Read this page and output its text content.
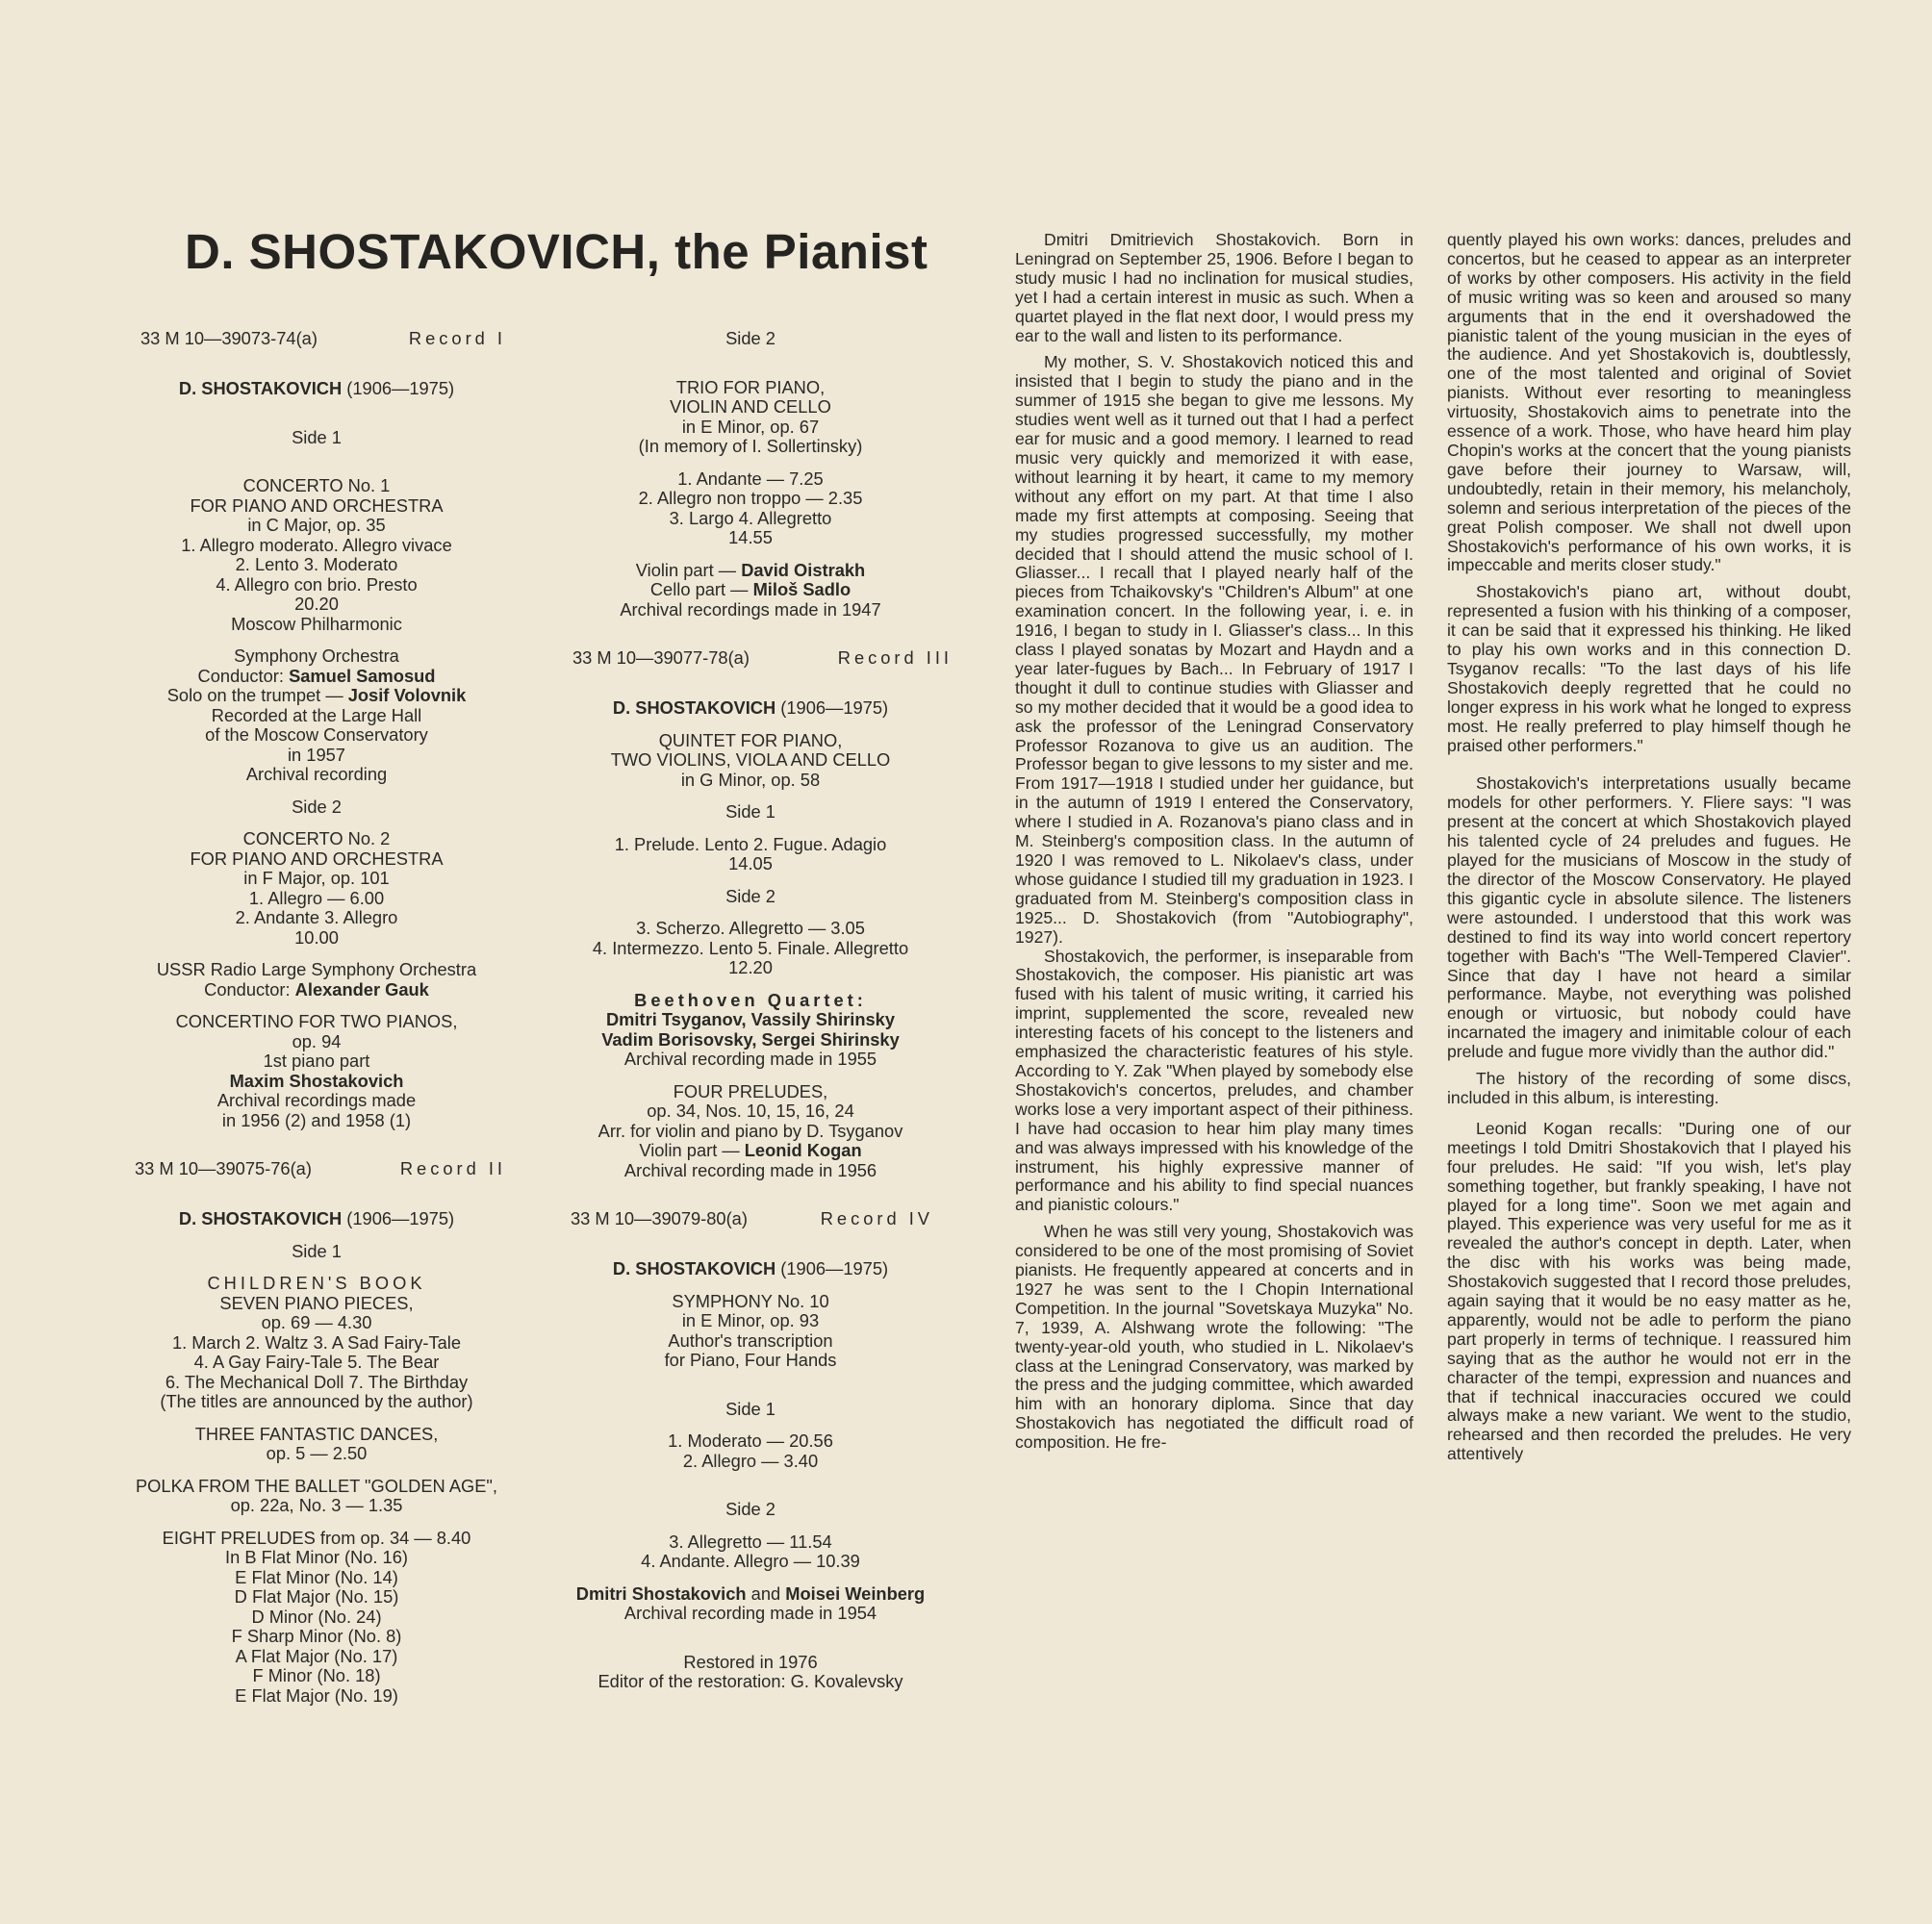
D. SHOSTAKOVICH, the Pianist
33 M 10—39073-74(a)	Record I

D. SHOSTAKOVICH (1906—1975)

Side 1

CONCERTO No. 1

FOR PIANO AND ORCHESTRA

in C Major, op. 35

1. Allegro moderato. Allegro vivace

2. Lento 3. Moderato

4. Allegro con brio. Presto

20.20

Moscow Philharmonic

Symphony Orchestra

Conductor: Samuel Samosud

Solo on the trumpet — Josif Volovnik

Recorded at the Large Hall

of the Moscow Conservatory

in 1957

Archival recording

Side 2

CONCERTO No. 2

FOR PIANO AND ORCHESTRA

in F Major, op. 101

1. Allegro — 6.00

2. Andante 3. Allegro

10.00

USSR Radio Large Symphony Orchestra

Conductor: Alexander Gauk

CONCERTINO FOR TWO PIANOS,

op. 94

1st piano part

Maxim Shostakovich

Archival recordings made

in 1956 (2) and 1958 (1)

33 M 10—39075-76(a)	Record II

D. SHOSTAKOVICH (1906—1975)

Side 1

CHILDREN'S BOOK

SEVEN PIANO PIECES,

op. 69 — 4.30

1. March 2. Waltz 3. A Sad Fairy-Tale

4. A Gay Fairy-Tale 5. The Bear

6. The Mechanical Doll 7. The Birthday

(The titles are announced by the author)

THREE FANTASTIC DANCES,

op. 5 — 2.50

POLKA FROM THE BALLET "GOLDEN AGE",

op. 22a, No. 3 — 1.35

EIGHT PRELUDES from op. 34 — 8.40

In B Flat Minor (No. 16)

E Flat Minor (No. 14)

D Flat Major (No. 15)

D Minor (No. 24)

F Sharp Minor (No. 8)

A Flat Major (No. 17)

F Minor (No. 18)

E Flat Major (No. 19)

Side 2

TRIO FOR PIANO,

VIOLIN AND CELLO

in E Minor, op. 67

(In memory of I. Sollertinsky)

1. Andante — 7.25

2. Allegro non troppo — 2.35

3. Largo 4. Allegretto

14.55

Violin part — David Oistrakh

Cello part — Miloš Sadlo

Archival recordings made in 1947

33 M 10—39077-78(a)	Record III

D. SHOSTAKOVICH (1906—1975)

QUINTET FOR PIANO,

TWO VIOLINS, VIOLA AND CELLO

in G Minor, op. 58

Side 1

1. Prelude. Lento 2. Fugue. Adagio

14.05

Side 2

3. Scherzo. Allegretto — 3.05

4. Intermezzo. Lento 5. Finale. Allegretto

12.20

Beethoven Quartet:

Dmitri Tsyganov, Vassily Shirinsky

Vadim Borisovsky, Sergei Shirinsky

Archival recording made in 1955

FOUR PRELUDES,

op. 34, Nos. 10, 15, 16, 24

Arr. for violin and piano by D. Tsyganov

Violin part — Leonid Kogan

Archival recording made in 1956

33 M 10—39079-80(a)	Record IV

D. SHOSTAKOVICH (1906—1975)

SYMPHONY No. 10

in E Minor, op. 93

Author's transcription

for Piano, Four Hands

Side 1

1. Moderato — 20.56

2. Allegro — 3.40

Side 2

3. Allegretto — 11.54

4. Andante. Allegro — 10.39

Dmitri Shostakovich and Moisei Weinberg

Archival recording made in 1954

Restored in 1976

Editor of the restoration: G. Kovalevsky

Dmitri Dmitrievich Shostakovich. Born in Leningrad on September 25, 1906. Before I began to study music I had no inclination for musical studies, yet I had a certain interest in music as such. When a quartet played in the flat next door, I would press my ear to the wall and listen to its performance.

My mother, S. V. Shostakovich noticed this and insisted that I begin to study the piano and in the summer of 1915 she began to give me lessons. My studies went well as it turned out that I had a perfect ear for music and a good memory. I learned to read music very quickly and memorized it with ease, without learning it by heart, it came to my memory without any effort on my part. At that time I also made my first attempts at composing. Seeing that my studies progressed successfully, my mother decided that I should attend the music school of I. Gliasser... I recall that I played nearly half of the pieces from Tchaikovsky's "Children's Album" at one examination concert. In the following year, i. e. in 1916, I began to study in I. Gliasser's class... In this class I played sonatas by Mozart and Haydn and a year later-fugues by Bach... In February of 1917 I thought it dull to continue studies with Gliasser and so my mother decided that it would be a good idea to ask the professor of the Leningrad Conservatory Professor Rozanova to give us an audition. The Professor began to give lessons to my sister and me. From 1917—1918 I studied under her guidance, but in the autumn of 1919 I entered the Conservatory, where I studied in A. Rozanova's piano class and in M. Steinberg's composition class. In the autumn of 1920 I was removed to L. Nikolaev's class, under whose guidance I studied till my graduation in 1923. I graduated from M. Steinberg's composition class in 1925... D. Shostakovich (from "Autobiography", 1927).

Shostakovich, the performer, is inseparable from Shostakovich, the composer. His pianistic art was fused with his talent of music writing, it carried his imprint, supplemented the score, revealed new interesting facets of his concept to the listeners and emphasized the characteristic features of his style. According to Y. Zak "When played by somebody else Shostakovich's concertos, preludes, and chamber works lose a very important aspect of their pithiness. I have had occasion to hear him play many times and was always impressed with his knowledge of the instrument, his highly expressive manner of performance and his ability to find special nuances and pianistic colours."

When he was still very young, Shostakovich was considered to be one of the most promising of Soviet pianists. He frequently appeared at concerts and in 1927 he was sent to the I Chopin International Competition. In the journal "Sovetskaya Muzyka" No. 7, 1939, A. Alshwang wrote the following: "The twenty-year-old youth, who studied in L. Nikolaev's class at the Leningrad Conservatory, was marked by the press and the judging committee, which awarded him with an honorary diploma. Since that day Shostakovich has negotiated the difficult road of composition. He fre-

quently played his own works: dances, preludes and concertos, but he ceased to appear as an interpreter of works by other composers. His activity in the field of music writing was so keen and aroused so many arguments that in the end it overshadowed the pianistic talent of the young musician in the eyes of the audience. And yet Shostakovich is, doubtlessly, one of the most talented and original of Soviet pianists. Without ever resorting to meaningless virtuosity, Shostakovich aims to penetrate into the essence of a work. Those, who have heard him play Chopin's works at the concert that the young pianists gave before their journey to Warsaw, will, undoubtedly, retain in their memory, his melancholy, solemn and serious interpretation of the pieces of the great Polish composer. We shall not dwell upon Shostakovich's performance of his own works, it is impeccable and merits closer study."

Shostakovich's piano art, without doubt, represented a fusion with his thinking of a composer, it can be said that it expressed his thinking. He liked to play his own works and in this connection D. Tsyganov recalls: "To the last days of his life Shostakovich deeply regretted that he could no longer express in his work what he longed to express most. He really preferred to play himself though he praised other performers."

Shostakovich's interpretations usually became models for other performers. Y. Fliere says: "I was present at the concert at which Shostakovich played his talented cycle of 24 preludes and fugues. He played for the musicians of Moscow in the study of the director of the Moscow Conservatory. He played this gigantic cycle in absolute silence. The listeners were astounded. I understood that this work was destined to find its way into world concert repertory together with Bach's "The Well-Tempered Clavier". Since that day I have not heard a similar performance. Maybe, not everything was polished enough or virtuosic, but nobody could have incarnated the imagery and inimitable colour of each prelude and fugue more vividly than the author did."

The history of the recording of some discs, included in this album, is interesting.

Leonid Kogan recalls: "During one of our meetings I told Dmitri Shostakovich that I played his four preludes. He said: "If you wish, let's play something together, but frankly speaking, I have not played for a long time". Soon we met again and played. This experience was very useful for me as it revealed the author's concept in depth. Later, when the disc with his works was being made, Shostakovich suggested that I record those preludes, again saying that it would be no easy matter as he, apparently, would not be adle to perform the piano part properly in terms of technique. I reassured him saying that as the author he would not err in the character of the tempi, expression and nuances and that if technical inaccuracies occured we could always make a new variant. We went to the studio, rehearsed and then recorded the preludes. He very attentively
